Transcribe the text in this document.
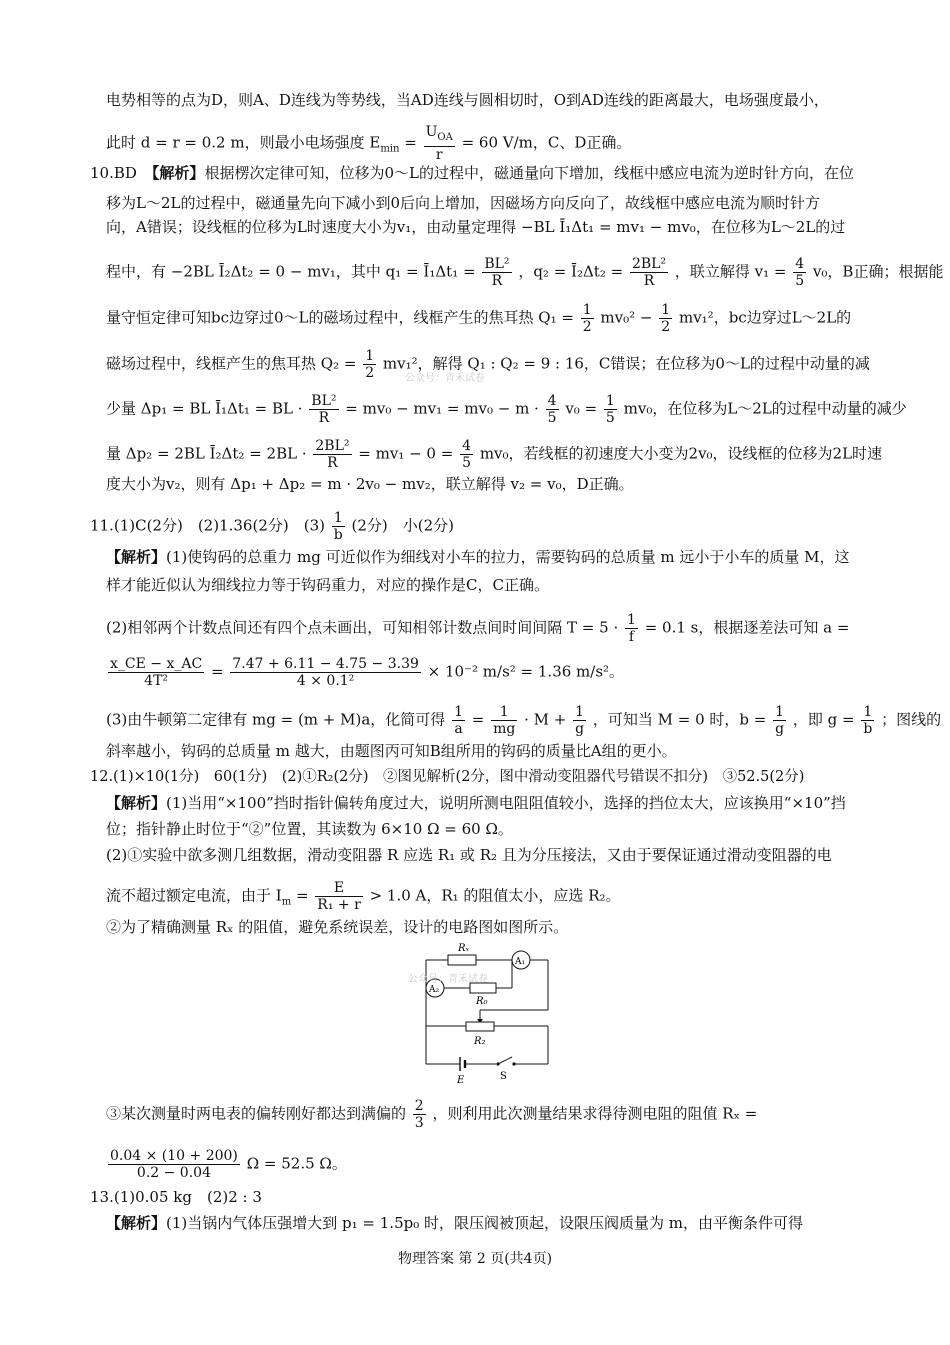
电势相等的点为D，则A、D连线为等势线，当AD连线与圆相切时，O到AD连线的距离最大，电场强度最小，
此时 d = r = 0.2 m，则最小电场强度 $E_{min} = \frac{U_{OA}}{r} = 60$ V/m，C、D正确。
10.BD　 【解析】根据楞次定律可知，位移为0～L的过程中，磁通量向下增加，线框中感应电流为逆时针方向，在位
移为L～2L的过程中，磁通量先向下减小到0后向上增加，因磁场方向反向了，故线框中感应电流为顺时针方
向，A错误；设线框的位移为L时速度大小为v₁，由动量定理得 −BL Ī₁Δt₁ = mv₁ − mv₀，在位移为L～2L的过
程中，有 −2BL Ī₂Δt₂ = 0 − mv₁，其中 q₁ = Ī₁Δt₁ = $\frac{\text{BL²}}{R}$ ，q₂ = Ī₂Δt₂ = $\frac{\text{2BL²}}{R}$ ，联立解得 $v_1 = \frac{4}{5} v_0$，B正确；根据能
量守恒定律可知bc边穿过0～L的磁场过程中，线框产生的焦耳热 $Q_1 = \frac{1}{2} mv_0^2 - \frac{1}{2} mv_1^2$，bc边穿过L～2L的
磁场过程中，线框产生的焦耳热 $Q_2 = \frac{1}{2} mv_1^2$，解得 Q₁ : Q₂ = 9 : 16，C错误；在位移为0～L的过程中动量的减
公众号：青禾试卷
少量 Δp₁ = BL Ī₁Δt₁ = BL · $\frac{\text{BL²}}{R} = mv_0 - mv_1 = mv_0 - m \cdot \frac{4}{5} v_0 = \frac{1}{5} mv_0$，在位移为L～2L的过程中动量的减少
量 Δp₂ = 2BL Ī₂Δt₂ = $2BL \cdot \frac{\text{2BL²}}{R} = mv_1 - 0 = \frac{4}{5} mv_0$，若线框的初速度大小变为2v₀，设线框的位移为2L时速
度大小为v₂，则有 Δp₁ + Δp₂ = m · 2v₀ − mv₂，联立解得 v₂ = v₀，D正确。
11.(1)C(2分)　(2)1.36(2分)　$(3) \frac{1}{b} (2$分)　小(2分)
【解析】(1)使钩码的总重力 mg 可近似作为细线对小车的拉力，需要钩码的总质量 m 远小于小车的质量 M，这
样才能近似认为细线拉力等于钩码重力，对应的操作是C，C正确。
(2)相邻两个计数点间还有四个点未画出，可知相邻计数点间时间间隔 $T = 5 \cdot \frac{1}{f} = 0.1$ s，根据逐差法可知 a =
$\frac{x\_CE - x\_AC}{\text{4T²}} = \frac{7.47 + 6.11 - 4.75 - 3.39}{\text{4 × 0.1²}} \times 10^{-2}$ m/s² = 1.36 m/s²。
(3)由牛顿第二定律有 mg = (m + M)a，化简可得 $\frac{1}{a} = \frac{1}{mg} \cdot M + \frac{1}{g}$ ，可知当 M = 0 时，$b = \frac{1}{g}$ ，即 $g = \frac{1}{b}$ ；图线的
斜率越小，钩码的总质量 m 越大，由题图丙可知B组所用的钩码的质量比A组的更小。
12.(1)×10(1分)　60(1分)　(2)①R₂(2分)　②图见解析(2分，图中滑动变阻器代号错误不扣分)　③52.5(2分)
【解析】(1)当用“×100”挡时指针偏转角度过大，说明所测电阻阻值较小，选择的挡位太大，应该换用“×10”挡
位；指针静止时位于“②”位置，其读数为 6×10 Ω = 60 Ω。
(2)①实验中欲多测几组数据，滑动变阻器 R 应选 R₁ 或 R₂ 且为分压接法，又由于要保证通过滑动变阻器的电
流不超过额定电流，由于 $I_m = \frac{E}{\text{R₁ + r}} > 1.0$ A，R₁ 的阻值太小，应选 R₂。
②为了精确测量 Rₓ 的阻值，避免系统误差，设计的电路图如图所示。
Rₓ
A₁
A₂
R₀
R₂
E	S
公众号：青禾试卷
③某次测量时两电表的偏转刚好都达到满偏的 $\frac{2}{3}$ ，则利用此次测量结果求得待测电阻的阻值 Rₓ =
$\frac{0.04 \times (10 + 200)}{0.2 - 0.04}$ Ω = 52.5 Ω。
13.(1)0.05 kg　(2)2 : 3
【解析】(1)当锅内气体压强增大到 p₁ = 1.5p₀ 时，限压阀被顶起，设限压阀质量为 m，由平衡条件可得
物理答案 第 2 页(共4页)
